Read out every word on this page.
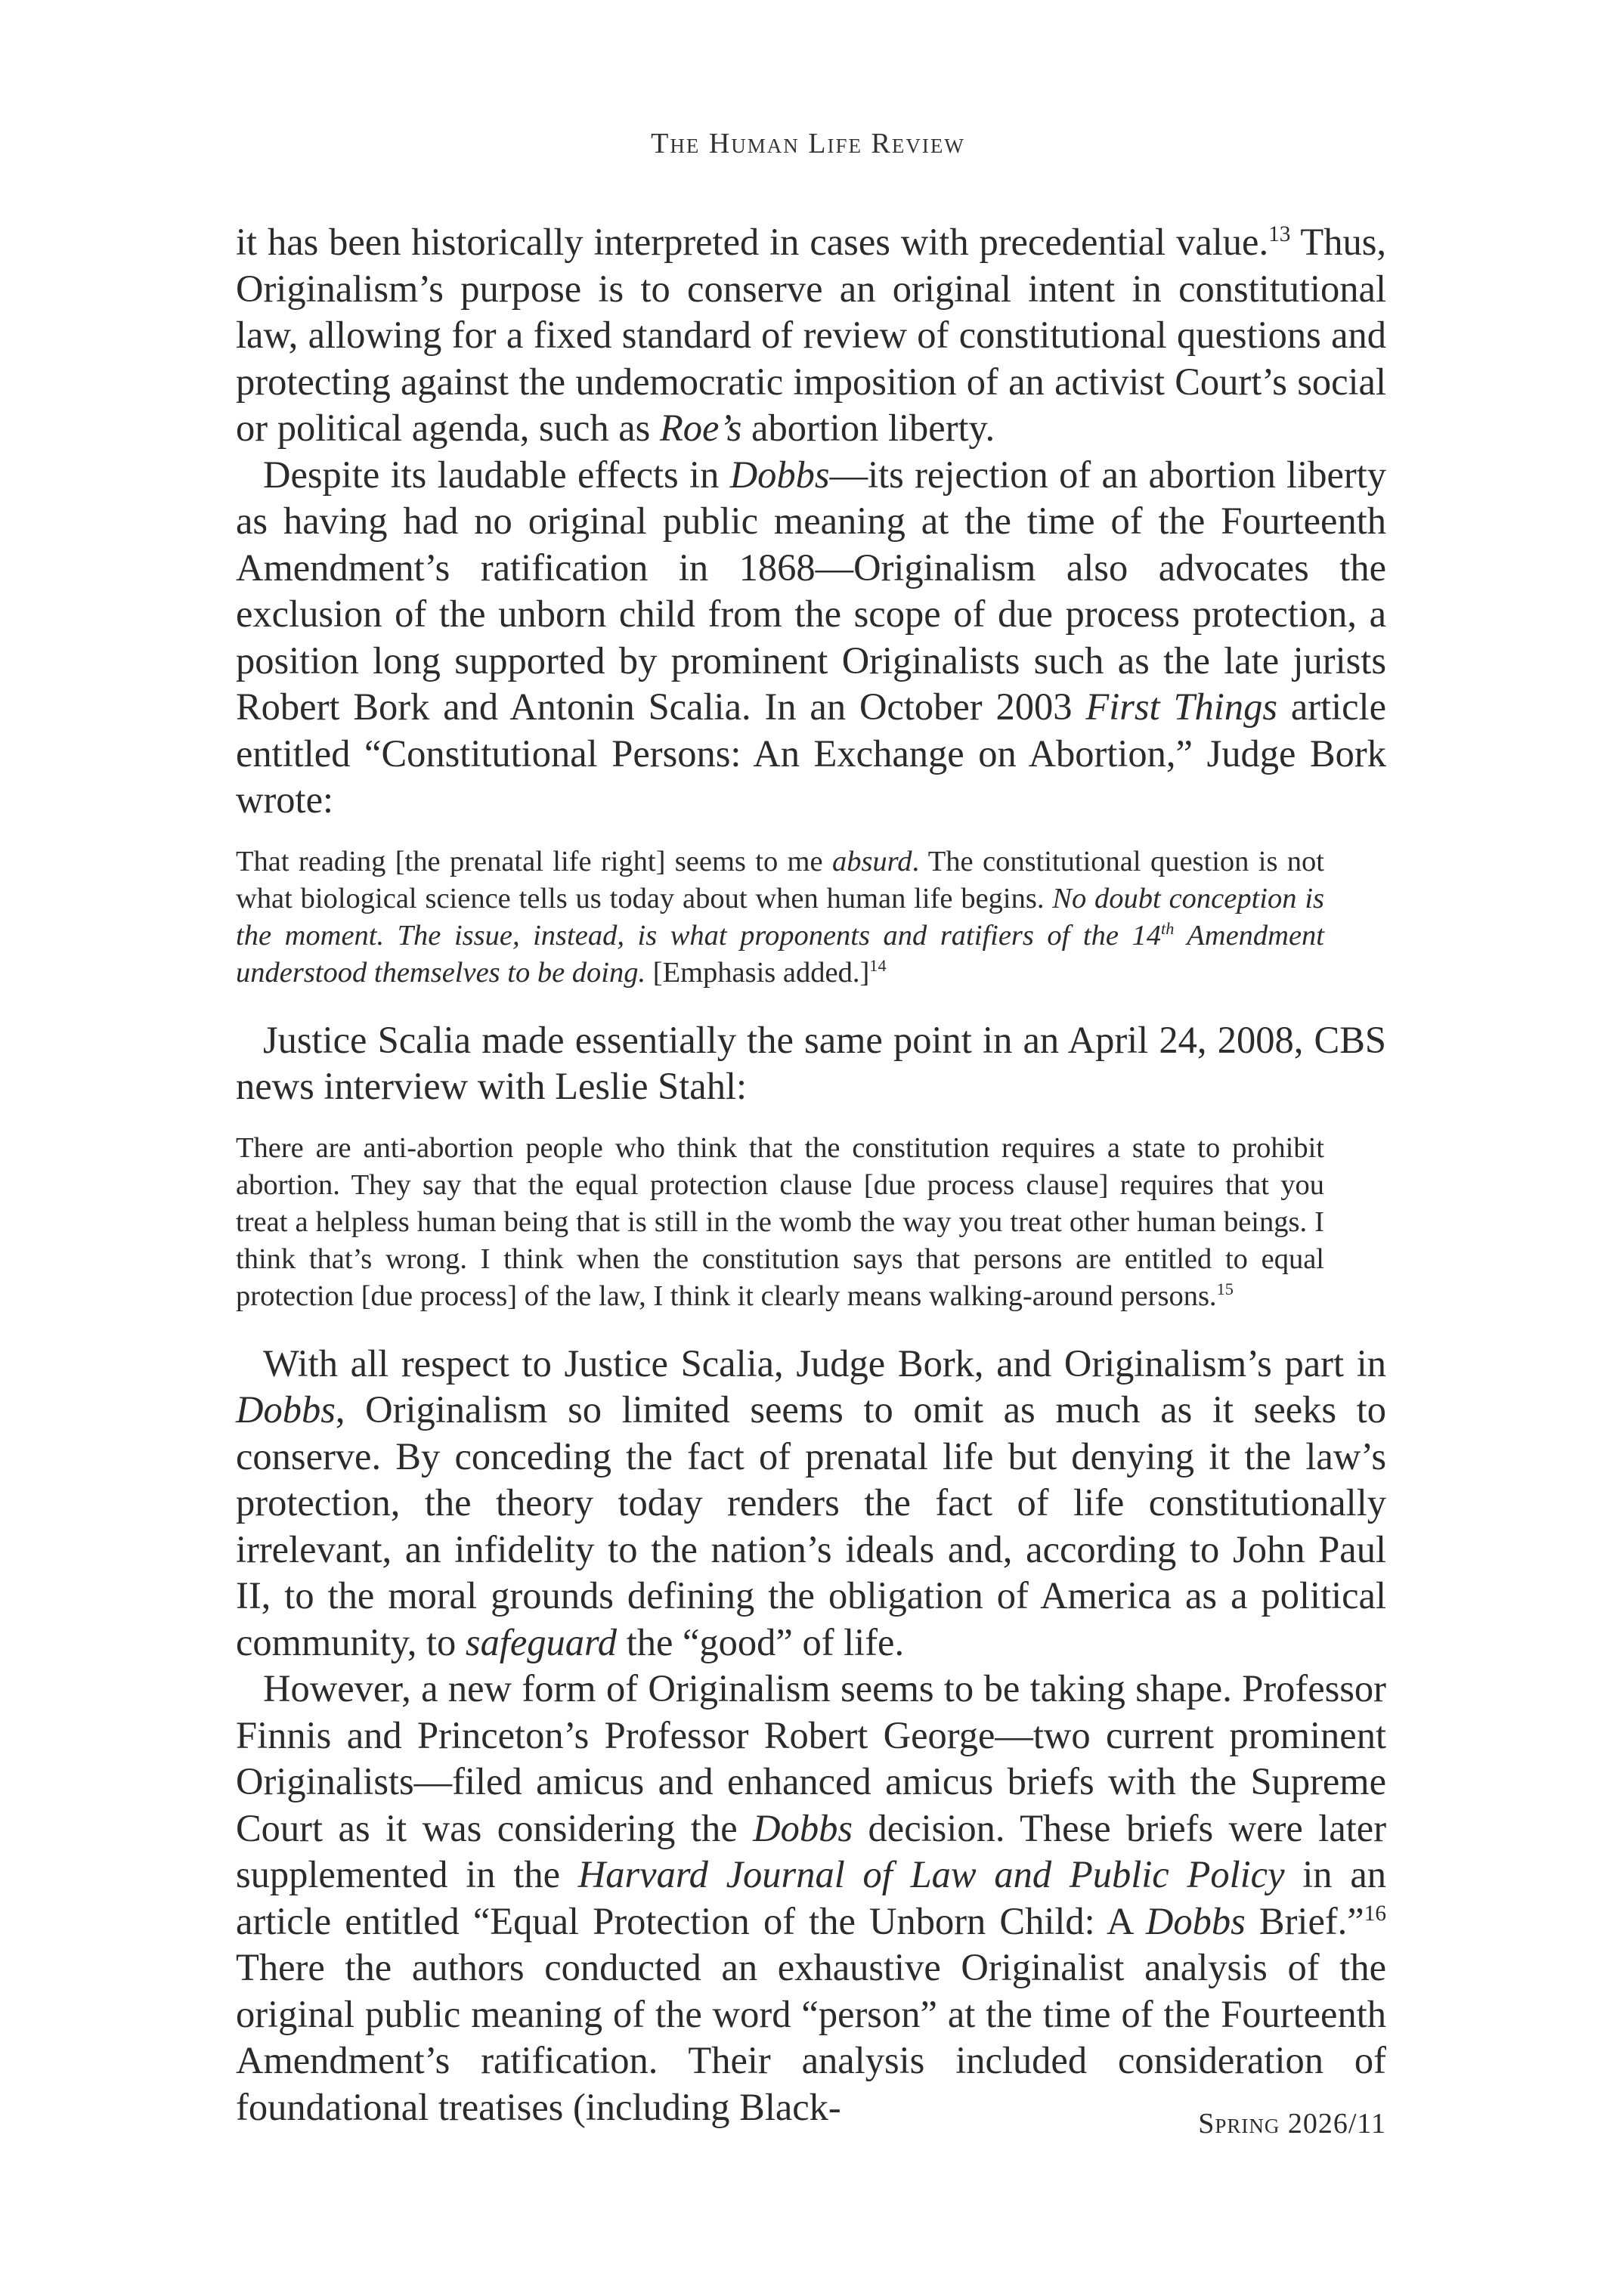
The Human Life Review

it has been historically interpreted in cases with precedential value.$^{13}$ Thus, Originalism’s purpose is to conserve an original intent in constitutional law, allowing for a fixed standard of review of constitutional questions and protecting against the undemocratic imposition of an activist Court’s social or political agenda, such as Roe’s abortion liberty.

Despite its laudable effects in Dobbs—its rejection of an abortion liberty as having had no original public meaning at the time of the Fourteenth Amendment’s ratification in 1868—Originalism also advocates the exclusion of the unborn child from the scope of due process protection, a position long supported by prominent Originalists such as the late jurists Robert Bork and Antonin Scalia. In an October 2003 First Things article entitled “Constitutional Persons: An Exchange on Abortion,” Judge Bork wrote:

That reading [the prenatal life right] seems to me absurd. The constitutional question is not what biological science tells us today about when human life begins. No doubt conception is the moment. The issue, instead, is what proponents and ratifiers of the 14th Amendment understood themselves to be doing. [Emphasis added.]$^{14}$

Justice Scalia made essentially the same point in an April 24, 2008, CBS news interview with Leslie Stahl:

There are anti-abortion people who think that the constitution requires a state to prohibit abortion. They say that the equal protection clause [due process clause] requires that you treat a helpless human being that is still in the womb the way you treat other human beings. I think that’s wrong. I think when the constitution says that persons are entitled to equal protection [due process] of the law, I think it clearly means walking-around persons.$^{15}$

With all respect to Justice Scalia, Judge Bork, and Originalism’s part in Dobbs, Originalism so limited seems to omit as much as it seeks to conserve. By conceding the fact of prenatal life but denying it the law’s protection, the theory today renders the fact of life constitutionally irrelevant, an infidelity to the nation’s ideals and, according to John Paul II, to the moral grounds defining the obligation of America as a political community, to safeguard the “good” of life.

However, a new form of Originalism seems to be taking shape. Professor Finnis and Princeton’s Professor Robert George—two current prominent Originalists—filed amicus and enhanced amicus briefs with the Supreme Court as it was considering the Dobbs decision. These briefs were later supplemented in the Harvard Journal of Law and Public Policy in an article entitled “Equal Protection of the Unborn Child: A Dobbs Brief.”$^{16}$ There the authors conducted an exhaustive Originalist analysis of the original public meaning of the word “person” at the time of the Fourteenth Amendment’s ratification. Their analysis included consideration of foundational treatises (including Black-	Spring 2026/11
